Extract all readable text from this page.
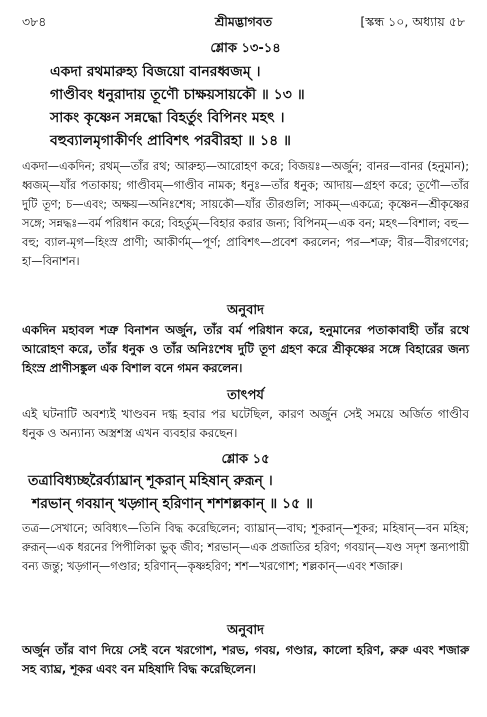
৩৮৪	শ্রীমদ্ভাগবত	[স্কন্ধ ১০, অধ্যায় ৫৮
শ্লোক ১৩-১৪
একদা রথমারুহ্য বিজয়ো বানরধ্বজম্ ।
গাণ্ডীবং ধনুরাদায় তূণৌ চাক্ষয়সায়কৌ ॥ ১৩ ॥
সাকং কৃষ্ণেন সন্নদ্ধো বিহর্তুং বিপিনং মহৎ ।
বহুব্যালমৃগাকীর্ণং প্রাবিশৎ পরবীরহা ॥ ১৪ ॥
একদা—একদিন; রথম্—তাঁর রথ; আরুহ্য—আরোহণ করে; বিজয়ঃ—অর্জুন; বানর—বানর (হনুমান); ধ্বজম্—যাঁর পতাকায়; গাণ্ডীবম্—গাণ্ডীব নামক; ধনুঃ—তাঁর ধনুক; আদায়—গ্রহণ করে; তূণৌ—তাঁর দুটি তূণ; চ—এবং; অক্ষয়—অনিঃশেষ; সায়কৌ—যাঁর তীরগুলি; সাকম্—একত্রে; কৃষ্ণেন—শ্রীকৃষ্ণের সঙ্গে; সন্নদ্ধঃ—বর্ম পরিধান করে; বিহর্তুম্—বিহার করার জন্য; বিপিনম্—এক বন; মহৎ—বিশাল; বহু—বহু; ব্যাল-মৃগ—হিংস্র প্রাণী; আকীর্ণম্—পূর্ণ; প্রাবিশৎ—প্রবেশ করলেন; পর—শত্রু; বীর—বীরগণের; হা—বিনাশন।
অনুবাদ
একদিন মহাবল শত্রু বিনাশন অর্জুন, তাঁর বর্ম পরিধান করে, হনুমানের পতাকাবাহী তাঁর রথে আরোহণ করে, তাঁর ধনুক ও তাঁর অনিঃশেষ দুটি তূণ গ্রহণ করে শ্রীকৃষ্ণের সঙ্গে বিহারের জন্য হিংস্র প্রাণীসঙ্কুল এক বিশাল বনে গমন করলেন।
তাৎপর্য
এই ঘটনাটি অবশ্যই খাণ্ডবন দগ্ধ হবার পর ঘটেছিল, কারণ অর্জুন সেই সময়ে অর্জিত গাণ্ডীব ধনুক ও অন্যান্য অস্ত্রশস্ত্র এখন ব্যবহার করছেন।
শ্লোক ১৫
তত্রাবিধ্যচ্ছরৈর্ব্যাঘ্রান্ শূকরান্ মহিষান্ রুরূন্ ।
শরভান্ গবয়ান্ খড়্গান্ হরিণান্ শশশল্লকান্ ॥ ১৫ ॥
তত্র—সেখানে; অবিধ্যৎ—তিনি বিদ্ধ করেছিলেন; ব্যাঘ্রান্—বাঘ; শূকরান্—শূকর; মহিষান্—বন মহিষ; রুরূন্—এক ধরনের পিপীলিকা ভুক্ জীব; শরভান্—এক প্রজাতির হরিণ; গবয়ান্—যণ্ড সদৃশ স্তন্যপায়ী বন্য জন্তু; খড়্গান্—গণ্ডার; হরিণান্—কৃষ্ণহরিণ; শশ—খরগোশ; শল্লকান্—এবং শজারু।
অনুবাদ
অর্জুন তাঁর বাণ দিয়ে সেই বনে খরগোশ, শরভ, গবয়, গণ্ডার, কালো হরিণ, রুরু এবং শজারু সহ ব্যাঘ্র, শূকর এবং বন মহিষাদি বিদ্ধ করেছিলেন।
